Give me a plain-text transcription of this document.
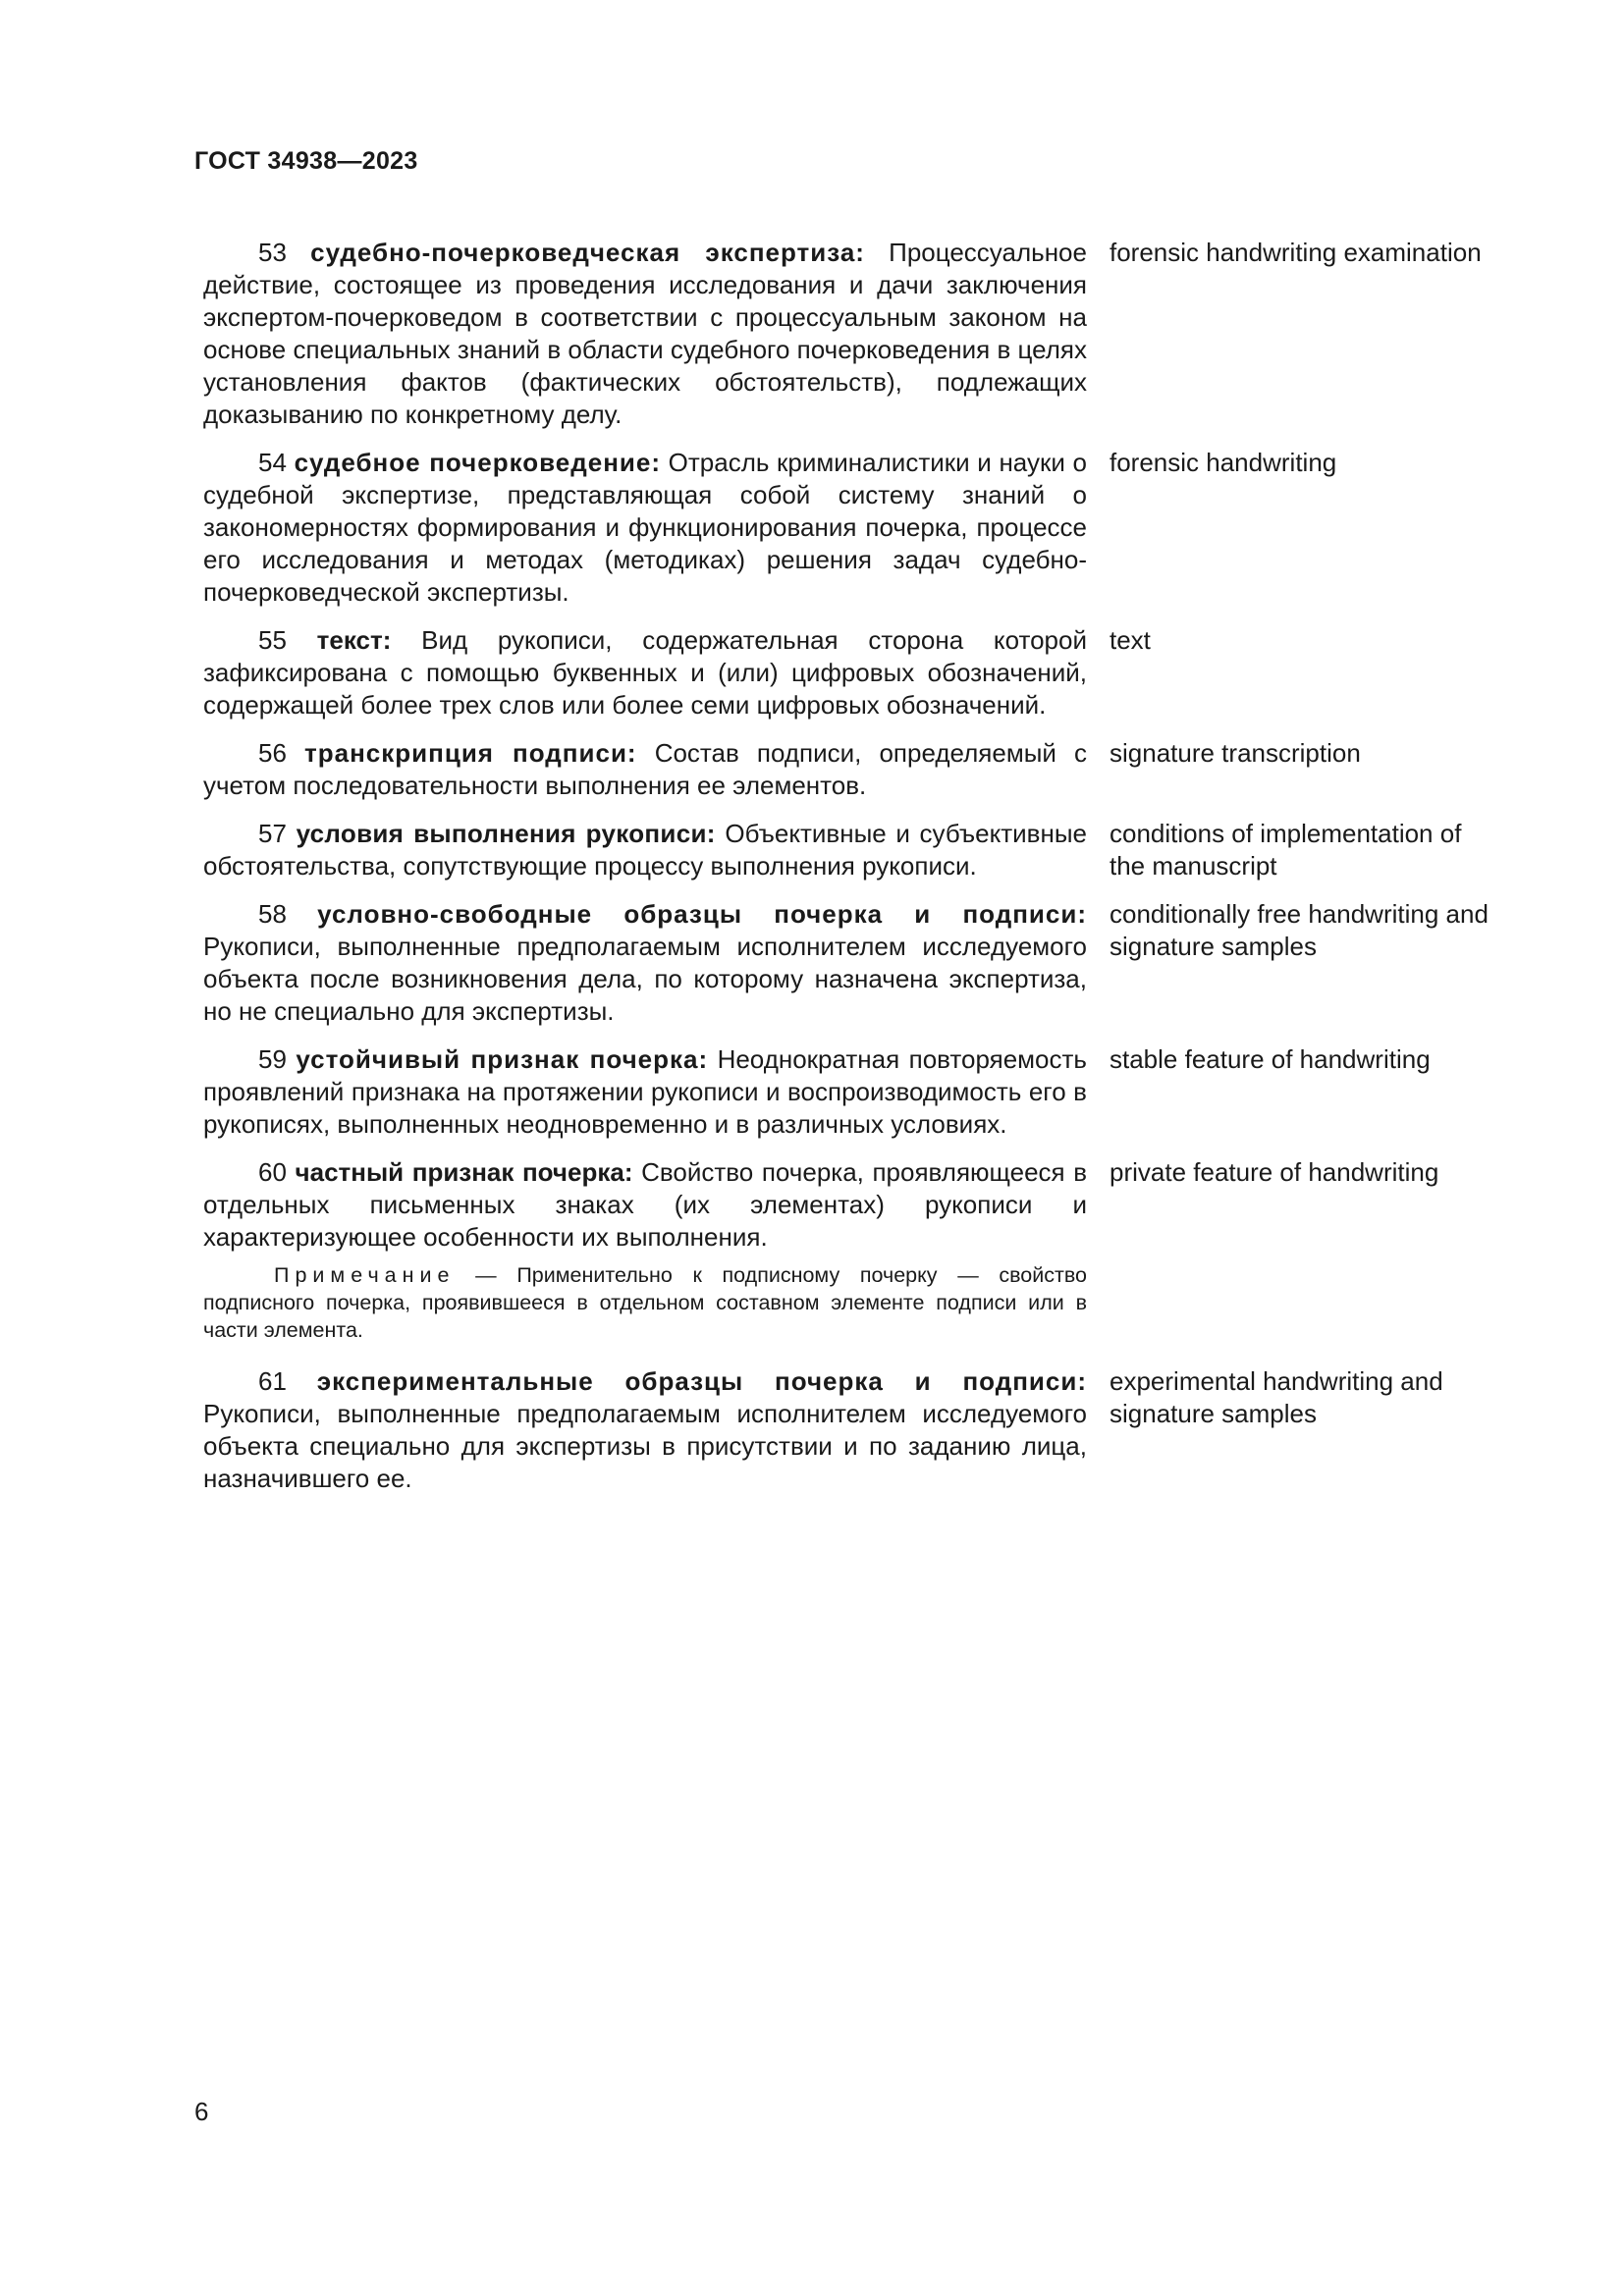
ГОСТ 34938—2023
53 судебно-почерковедческая экспертиза: Процессуальное действие, состоящее из проведения исследования и дачи заключения экспертом-почерковедом в соответствии с процессуальным законом на основе специальных знаний в области судебного почерковедения в целях установления фактов (фактических обстоятельств), подлежащих доказыванию по конкретному делу.
forensic handwriting examination
54 судебное почерковедение: Отрасль криминалистики и науки о судебной экспертизе, представляющая собой систему знаний о закономерностях формирования и функционирования почерка, процессе его исследования и методах (методиках) решения задач судебно-почерковедческой экспертизы.
forensic handwriting
55 текст: Вид рукописи, содержательная сторона которой зафиксирована с помощью буквенных и (или) цифровых обозначений, содержащей более трех слов или более семи цифровых обозначений.
text
56 транскрипция подписи: Состав подписи, определяемый с учетом последовательности выполнения ее элементов.
signature transcription
57 условия выполнения рукописи: Объективные и субъективные обстоятельства, сопутствующие процессу выполнения рукописи.
conditions of implementation of the manuscript
58 условно-свободные образцы почерка и подписи: Рукописи, выполненные предполагаемым исполнителем исследуемого объекта после возникновения дела, по которому назначена экспертиза, но не специально для экспертизы.
conditionally free handwriting and signature samples
59 устойчивый признак почерка: Неоднократная повторяемость проявлений признака на протяжении рукописи и воспроизводимость его в рукописях, выполненных неодновременно и в различных условиях.
stable feature of handwriting
60 частный признак почерка: Свойство почерка, проявляющееся в отдельных письменных знаках (их элементах) рукописи и характеризующее особенности их выполнения.
private feature of handwriting
Примечание — Применительно к подписному почерку — свойство подписного почерка, проявившееся в отдельном составном элементе подписи или в части элемента.
61 экспериментальные образцы почерка и подписи: Рукописи, выполненные предполагаемым исполнителем исследуемого объекта специально для экспертизы в присутствии и по заданию лица, назначившего ее.
experimental handwriting and signature samples
6
